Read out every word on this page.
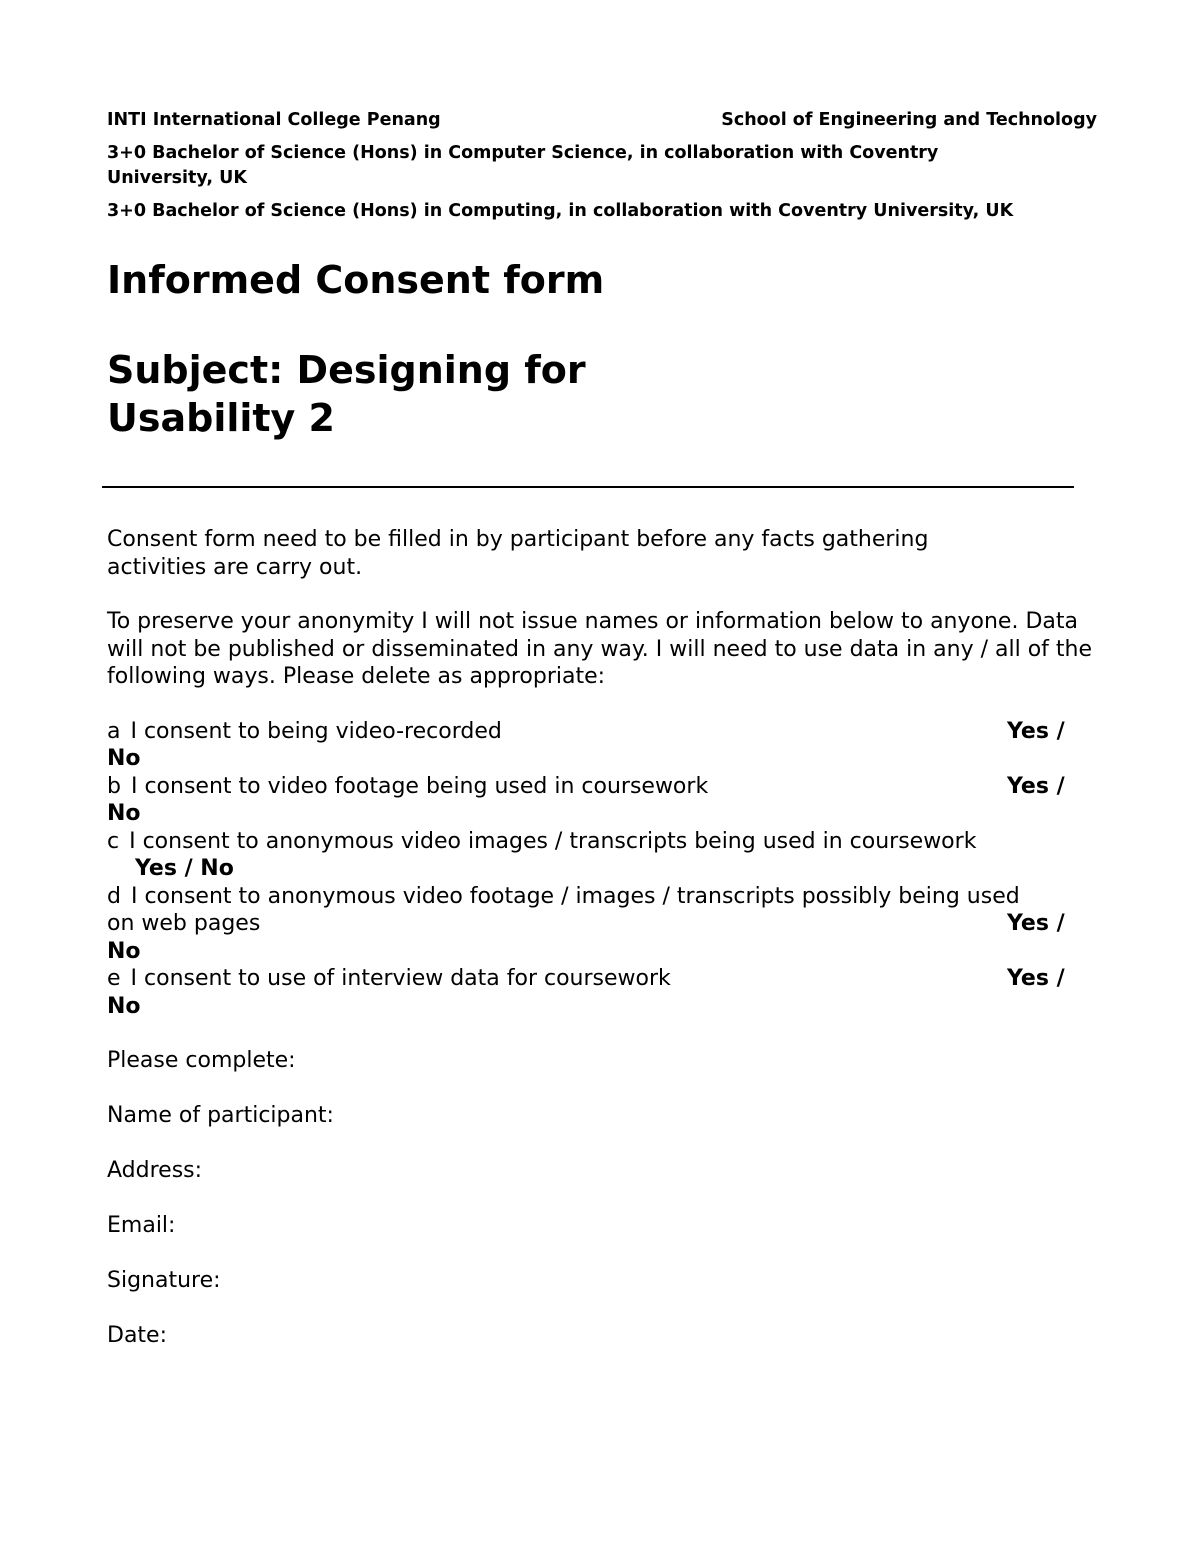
INTI International College Penang	School of Engineering and Technology
3+0 Bachelor of Science (Hons) in Computer Science, in collaboration with Coventry University, UK
3+0 Bachelor of Science (Hons) in Computing, in collaboration with Coventry University, UK
Informed Consent form
Subject: Designing for Usability 2

Consent form need to be filled in by participant before any facts gathering activities are carry out.

To preserve your anonymity I will not issue names or information below to anyone. Data will not be published or disseminated in any way. I will need to use data in any / all of the following ways. Please delete as appropriate:

Yes /
a I consent to being video-recorded
No
Yes /
b I consent to video footage being used in coursework
No
c I consent to anonymous video images / transcripts being used in coursework
Yes / No
d I consent to anonymous video footage / images / transcripts possibly being used
Yes /
on web pages
No
Yes /
e I consent to use of interview data for coursework
No
Please complete:
Name of participant:
Address:
Email:
Signature:
Date:
